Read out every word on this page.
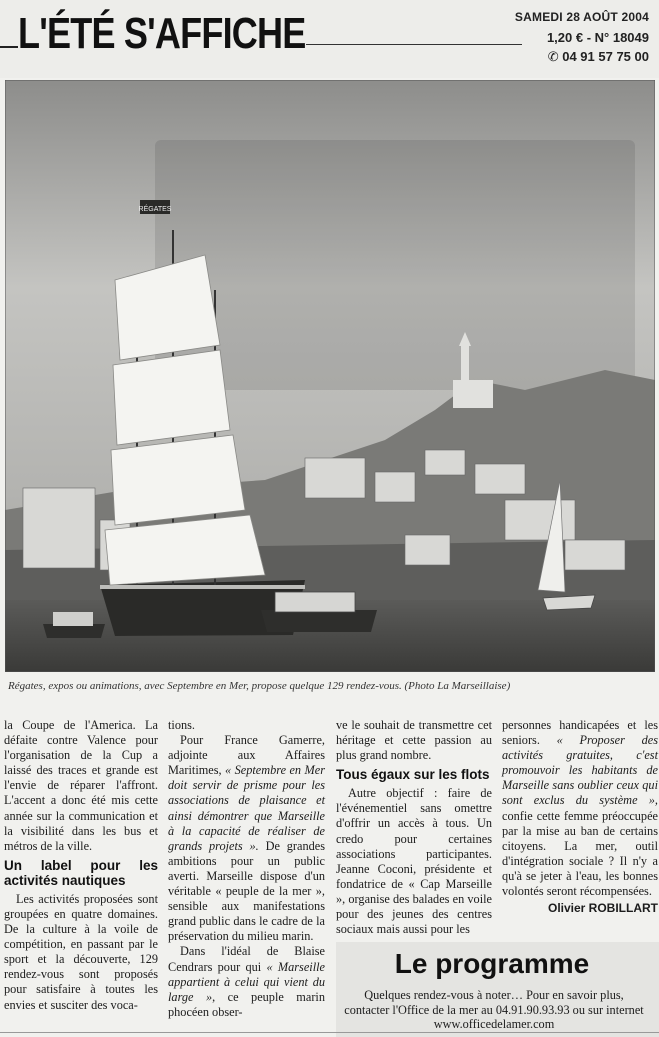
L'ÉTÉ S'AFFICHE	SAMEDI 28 AOÛT 2004
1,20 € - N° 18049
✆ 04 91 57 75 00
RÉGATES
Régates, expos ou animations, avec Septembre en Mer, propose quelque 129 rendez-vous. (Photo La Marseillaise)

la Coupe de l'America. La défaite contre Valence pour l'organisation de la Cup a laissé des traces et grande est l'envie de réparer l'affront. L'accent a donc été mis cette année sur la communication et la visibilité dans les bus et métros de la ville.

Un label pour les activités nautiques

Les activités proposées sont groupées en quatre domaines. De la culture à la voile de compétition, en passant par le sport et la découverte, 129 rendez-vous sont proposés pour satisfaire à toutes les envies et susciter des voca-

tions.

Pour France Gamerre, adjointe aux Affaires Maritimes, « Septembre en Mer doit servir de prisme pour les associations de plaisance et ainsi démontrer que Marseille à la capacité de réaliser de grands projets ». De grandes ambitions pour un public averti. Marseille dispose d'un véritable « peuple de la mer », sensible aux manifestations grand public dans le cadre de la préservation du milieu marin.

Dans l'idéal de Blaise Cendrars pour qui « Marseille appartient à celui qui vient du large », ce peuple marin phocéen obser-

ve le souhait de transmettre cet héritage et cette passion au plus grand nombre.

Tous égaux sur les flots

Autre objectif : faire de l'événementiel sans omettre d'offrir un accès à tous. Un credo pour certaines associations participantes. Jeanne Coconi, présidente et fondatrice de « Cap Marseille », organise des balades en voile pour des jeunes des centres sociaux mais aussi pour les

personnes handicapées et les seniors. « Proposer des activités gratuites, c'est promouvoir les habitants de Marseille sans oublier ceux qui sont exclus du système », confie cette femme préoccupée par la mise au ban de certains citoyens. La mer, outil d'intégration sociale ? Il n'y a qu'à se jeter à l'eau, les bonnes volontés seront récompensées.

Olivier ROBILLART
Le programme
Quelques rendez-vous à noter… Pour en savoir plus, contacter l'Office de la mer au 04.91.90.93.93 ou sur internet www.officedelamer.com
